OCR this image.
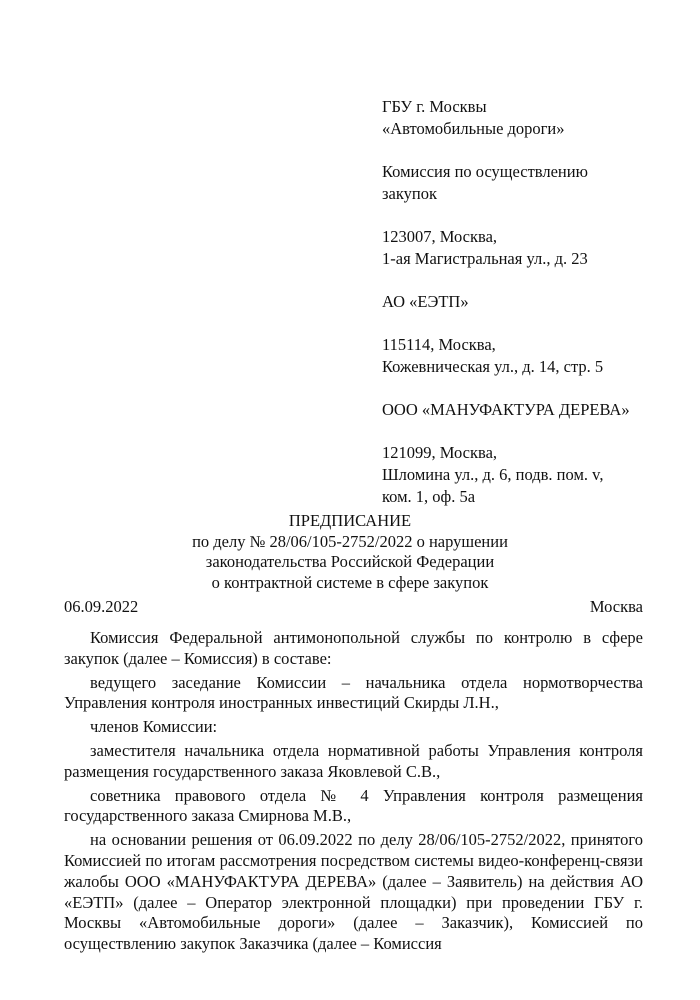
ГБУ г. Москвы
«Автомобильные дороги»
Комиссия по осуществлению
закупок
123007, Москва,
1-ая Магистральная ул., д. 23
АО «ЕЭТП»
115114, Москва,
Кожевническая ул., д. 14, стр. 5
ООО «МАНУФАКТУРА ДЕРЕВА»
121099, Москва,
Шломина ул., д. 6, подв. пом. v,
ком. 1, оф. 5а
ПРЕДПИСАНИЕ
по делу № 28/06/105-2752/2022 о нарушении
законодательства Российской Федерации
о контрактной системе в сфере закупок
06.09.2022	Москва

Комиссия Федеральной антимонопольной службы по контролю в сфере закупок (далее – Комиссия) в составе:

ведущего заседание Комиссии – начальника отдела нормотворчества Управления контроля иностранных инвестиций Скирды Л.Н.,

членов Комиссии:

заместителя начальника отдела нормативной работы Управления контроля размещения государственного заказа Яковлевой С.В.,

советника правового отдела № 4 Управления контроля размещения государственного заказа Смирнова М.В.,

на основании решения от 06.09.2022 по делу 28/06/105-2752/2022, принятого Комиссией по итогам рассмотрения посредством системы видео-конференц-связи жалобы ООО «МАНУФАКТУРА ДЕРЕВА» (далее – Заявитель) на действия АО «ЕЭТП» (далее – Оператор электронной площадки) при проведении ГБУ г. Москвы «Автомобильные дороги» (далее – Заказчик), Комиссией по осуществлению закупок Заказчика (далее – Комиссия
